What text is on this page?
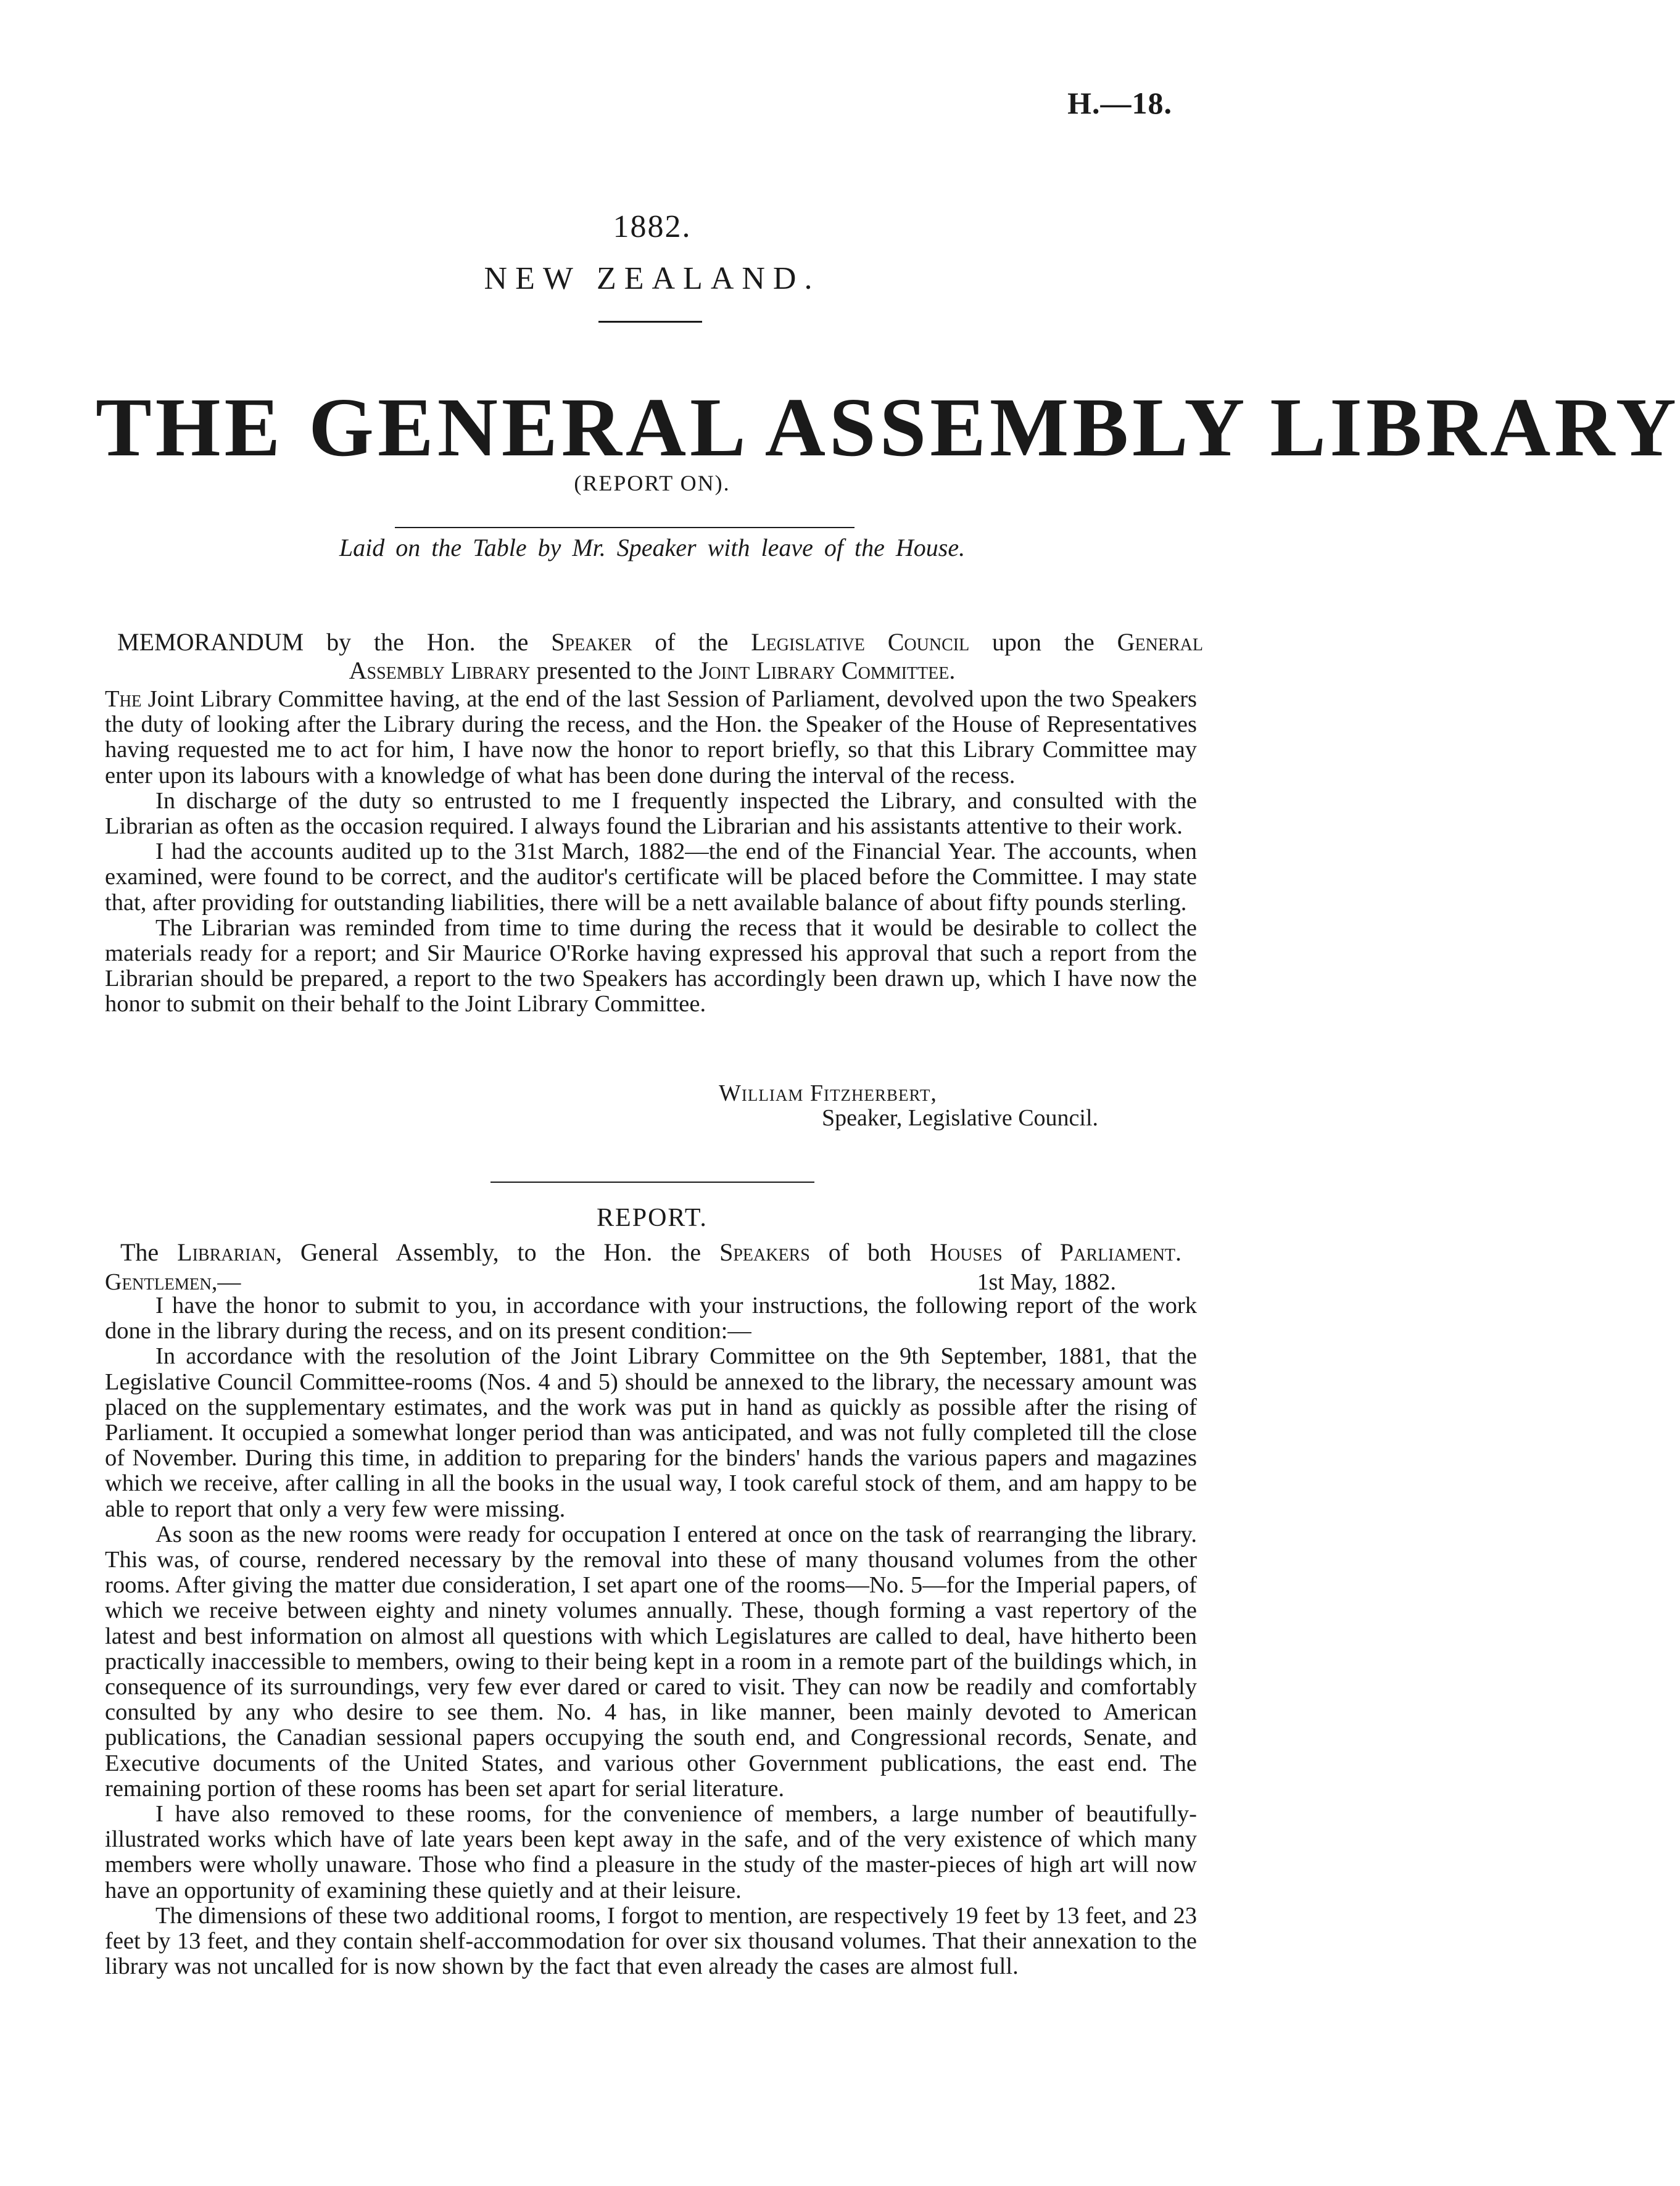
H.—18.
1882.
NEW ZEALAND.
THE GENERAL ASSEMBLY LIBRARY
(REPORT ON).
Laid on the Table by Mr. Speaker with leave of the House.
MEMORANDUM by the Hon. the Speaker of the Legislative Council upon the General
Assembly Library presented to the Joint Library Committee.

The Joint Library Committee having, at the end of the last Session of Parliament, devolved upon the two Speakers the duty of looking after the Library during the recess, and the Hon. the Speaker of the House of Representatives having requested me to act for him, I have now the honor to report briefly, so that this Library Committee may enter upon its labours with a knowledge of what has been done during the interval of the recess.

In discharge of the duty so entrusted to me I frequently inspected the Library, and consulted with the Librarian as often as the occasion required. I always found the Librarian and his assistants attentive to their work.

I had the accounts audited up to the 31st March, 1882—the end of the Financial Year. The accounts, when examined, were found to be correct, and the auditor's certificate will be placed before the Committee. I may state that, after providing for outstanding liabilities, there will be a nett available balance of about fifty pounds sterling.

The Librarian was reminded from time to time during the recess that it would be desirable to collect the materials ready for a report; and Sir Maurice O'Rorke having expressed his approval that such a report from the Librarian should be prepared, a report to the two Speakers has accordingly been drawn up, which I have now the honor to submit on their behalf to the Joint Library Committee.

William Fitzherbert,
Speaker, Legislative Council.
REPORT.
The Librarian, General Assembly, to the Hon. the Speakers of both Houses of Parliament.
Gentlemen,—	1st May, 1882.

I have the honor to submit to you, in accordance with your instructions, the following report of the work done in the library during the recess, and on its present condition:—

In accordance with the resolution of the Joint Library Committee on the 9th September, 1881, that the Legislative Council Committee-rooms (Nos. 4 and 5) should be annexed to the library, the necessary amount was placed on the supplementary estimates, and the work was put in hand as quickly as possible after the rising of Parliament. It occupied a somewhat longer period than was anticipated, and was not fully completed till the close of November. During this time, in addition to preparing for the binders' hands the various papers and magazines which we receive, after calling in all the books in the usual way, I took careful stock of them, and am happy to be able to report that only a very few were missing.

As soon as the new rooms were ready for occupation I entered at once on the task of rearranging the library. This was, of course, rendered necessary by the removal into these of many thousand volumes from the other rooms. After giving the matter due consideration, I set apart one of the rooms—No. 5—for the Imperial papers, of which we receive between eighty and ninety volumes annually. These, though forming a vast repertory of the latest and best information on almost all questions with which Legislatures are called to deal, have hitherto been practically inaccessible to members, owing to their being kept in a room in a remote part of the buildings which, in consequence of its surroundings, very few ever dared or cared to visit. They can now be readily and comfortably consulted by any who desire to see them. No. 4 has, in like manner, been mainly devoted to American publications, the Canadian sessional papers occupying the south end, and Congressional records, Senate, and Executive documents of the United States, and various other Government publications, the east end. The remaining portion of these rooms has been set apart for serial literature.

I have also removed to these rooms, for the convenience of members, a large number of beautifully-illustrated works which have of late years been kept away in the safe, and of the very existence of which many members were wholly unaware. Those who find a pleasure in the study of the master-pieces of high art will now have an opportunity of examining these quietly and at their leisure.

The dimensions of these two additional rooms, I forgot to mention, are respectively 19 feet by 13 feet, and 23 feet by 13 feet, and they contain shelf-accommodation for over six thousand volumes. That their annexation to the library was not uncalled for is now shown by the fact that even already the cases are almost full.
